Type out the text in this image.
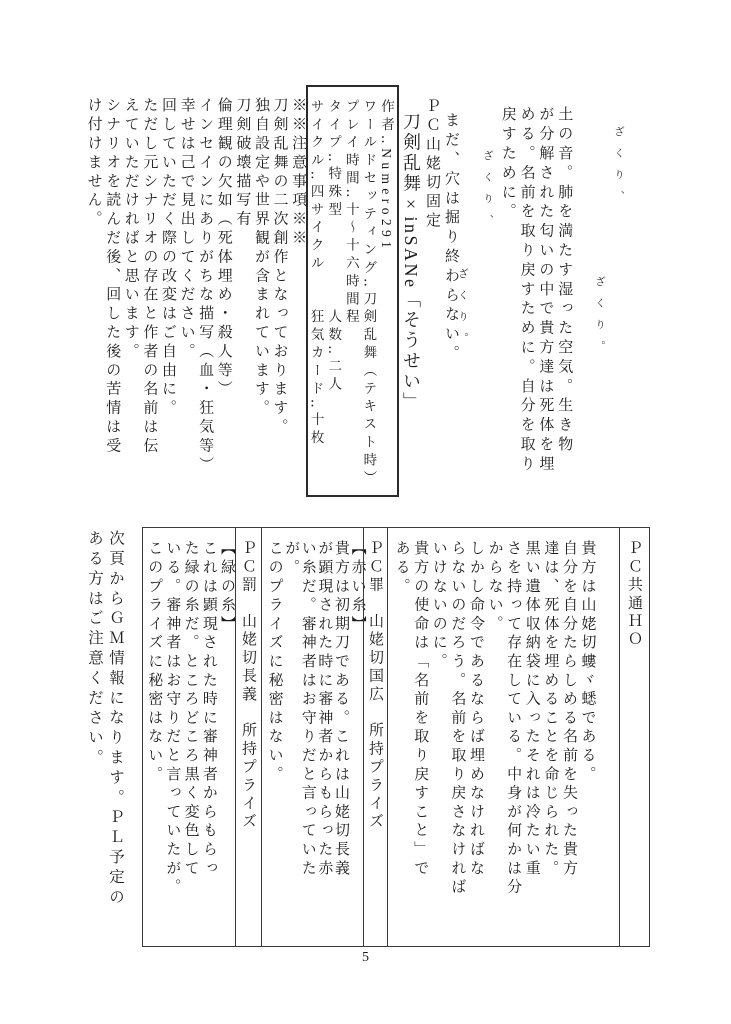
ざくり、
ざくり。
土の音。肺を満たす湿った空気。生き物
が分解された匂いの中で貴方達は死体を埋
める。名前を取り戻すために。自分を取り
戻すために。
ざくり、
ざくり。
まだ、穴は掘り終わらない。
ＰＣ山姥切固定
刀剣乱舞×inSANe「そうせい」
作者‥Numero291
ワールドセッティング‥刀剣乱舞（テキスト時）
プレイ時間‥十〜十六時間程
タイプ‥特殊型　　　　　人数‥二人
サイクル‥四サイクル　　狂気カード‥十枚
※※注意事項※※
刀剣乱舞の二次創作となっております。
独自設定や世界観が含まれています。
刀剣破壊描写有
倫理観の欠如（死体埋め・殺人等）
インセインにありがちな描写（血・狂気等）
幸せは己で見出してください。
回していただく際の改変はご自由に。
ただし元シナリオの存在と作者の名前は伝
えていただければと思います。
シナリオを読んだ後、回した後の苦情は受
け付けません。
ＰＣ共通ＨＯ
貴方は山姥切螻ヾ蟋である。
自分を自分たらしめる名前を失った貴方
達は、死体を埋めることを命じられた。
黒い遺体収納袋に入ったそれは冷たい重
さを持って存在している。中身が何かは分
からない。
しかし命令であるならば埋めなければな
らないのだろう。名前を取り戻さなければ
いけないのに。
貴方の使命は「名前を取り戻すこと」で
ある。
ＰＣ罪　山姥切国広　所持プライズ
【赤い糸】
貴方は初期刀である。これは山姥切長義
が顕現された時に審神者からもらった赤
い糸だ。審神者はお守りだと言っていた
が。
このプライズに秘密はない。
ＰＣ罰　山姥切長義　所持プライズ
【緑の糸】
これは顕現された時に審神者からもらっ
た緑の糸だ。ところどころ黒く変色して
いる。審神者はお守りだと言っていたが。
このプライズに秘密はない。
次頁からＧＭ情報になります。ＰＬ予定の
ある方はご注意ください。
5
